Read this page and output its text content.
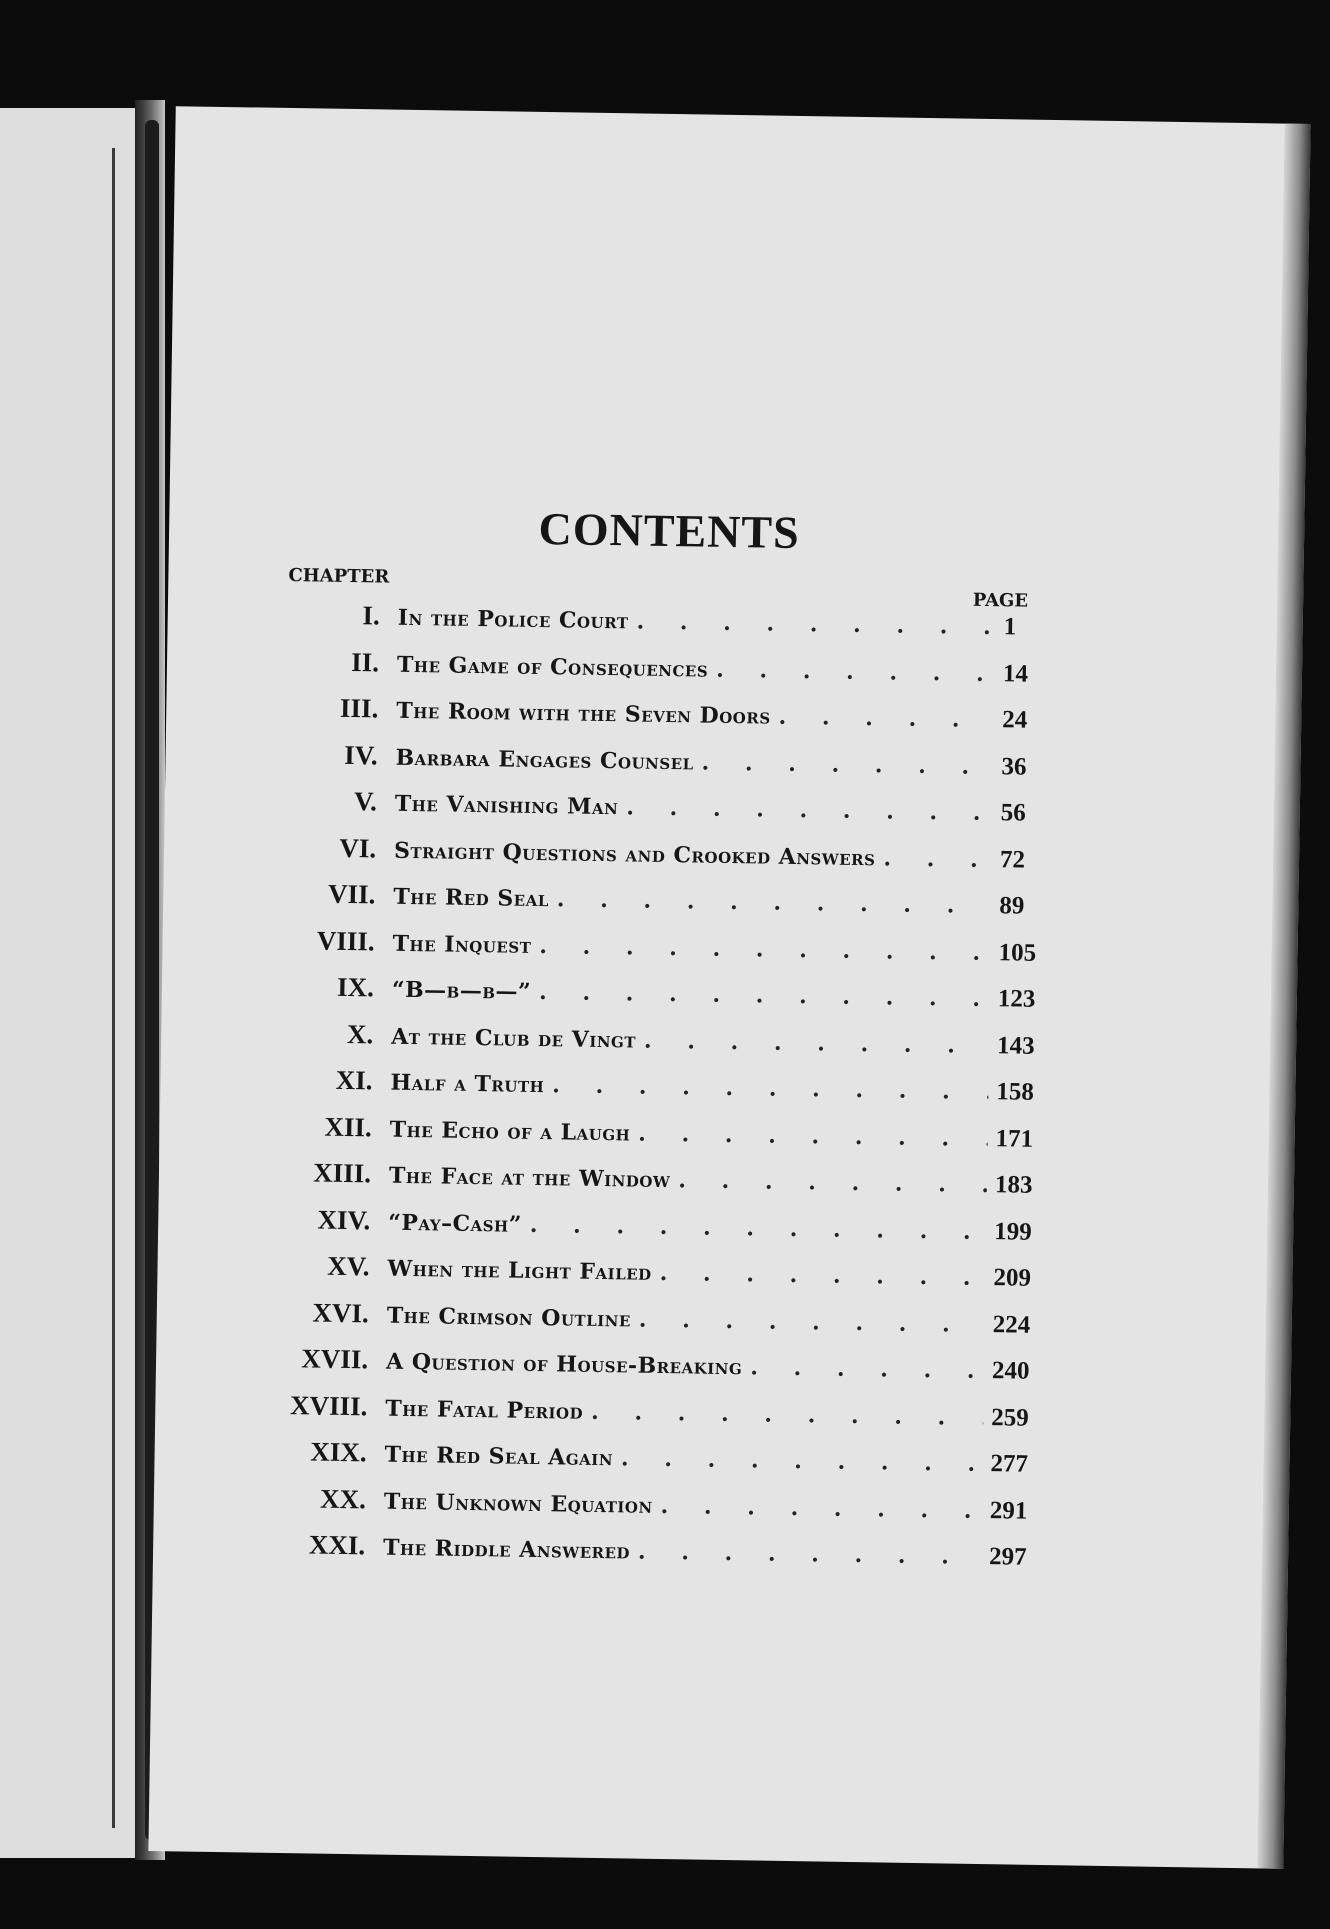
CONTENTS
CHAPTER
PAGE
I. In the Police Court . . .	1
II. The Game of Consequences . . .	14
III. The Room with the Seven Doors . . .	24
IV. Barbara Engages Counsel . . .	36
V. The Vanishing Man . . .	56
VI. Straight Questions and Crooked Answers . . .	72
VII. The Red Seal . . .	89
VIII. The Inquest . . .	105
IX. “B—b—b—” . . .	123
X. At the Club de Vingt . . .	143
XI. Half a Truth . . .	158
XII. The Echo of a Laugh . . .	171
XIII. The Face at the Window . . .	183
XIV. “Pay–Cash” . . .	199
XV. When the Light Failed . . .	209
XVI. The Crimson Outline . . .	224
XVII. A Question of House-Breaking . . .	240
XVIII. The Fatal Period . . .	259
XIX. The Red Seal Again . . .	277
XX. The Unknown Equation . . .	291
XXI. The Riddle Answered . . .	297
